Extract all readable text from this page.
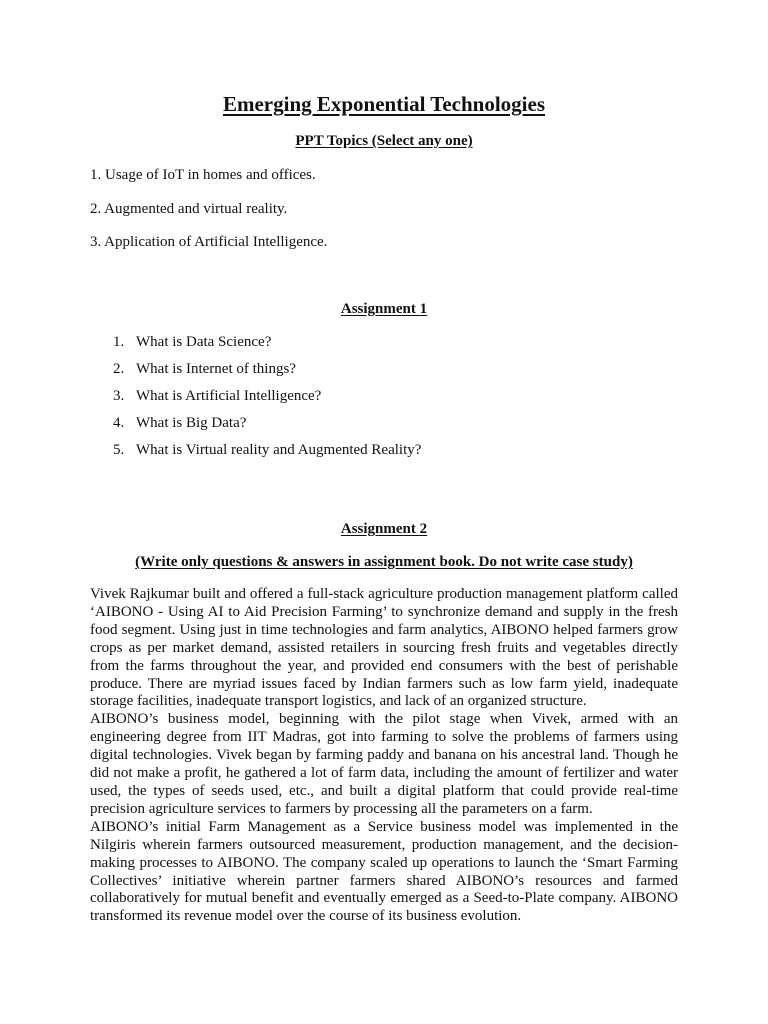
Emerging Exponential Technologies
PPT Topics (Select any one)
1. Usage of IoT in homes and offices.
2. Augmented and virtual reality.
3. Application of Artificial Intelligence.
Assignment 1
1. What is Data Science?
2. What is Internet of things?
3. What is Artificial Intelligence?
4. What is Big Data?
5. What is Virtual reality and Augmented Reality?
Assignment 2
(Write only questions & answers in assignment book. Do not write case study)

Vivek Rajkumar built and offered a full-stack agriculture production management platform called ‘AIBONO - Using AI to Aid Precision Farming’ to synchronize demand and supply in the fresh food segment. Using just in time technologies and farm analytics, AIBONO helped farmers grow crops as per market demand, assisted retailers in sourcing fresh fruits and vegetables directly from the farms throughout the year, and provided end consumers with the best of perishable produce. There are myriad issues faced by Indian farmers such as low farm yield, inadequate storage facilities, inadequate transport logistics, and lack of an organized structure.

AIBONO’s business model, beginning with the pilot stage when Vivek, armed with an engineering degree from IIT Madras, got into farming to solve the problems of farmers using digital technologies. Vivek began by farming paddy and banana on his ancestral land. Though he did not make a profit, he gathered a lot of farm data, including the amount of fertilizer and water used, the types of seeds used, etc., and built a digital platform that could provide real-time precision agriculture services to farmers by processing all the parameters on a farm.

AIBONO’s initial Farm Management as a Service business model was implemented in the Nilgiris wherein farmers outsourced measurement, production management, and the decision-making processes to AIBONO. The company scaled up operations to launch the ‘Smart Farming Collectives’ initiative wherein partner farmers shared AIBONO’s resources and farmed collaboratively for mutual benefit and eventually emerged as a Seed-to-Plate company. AIBONO transformed its revenue model over the course of its business evolution.
